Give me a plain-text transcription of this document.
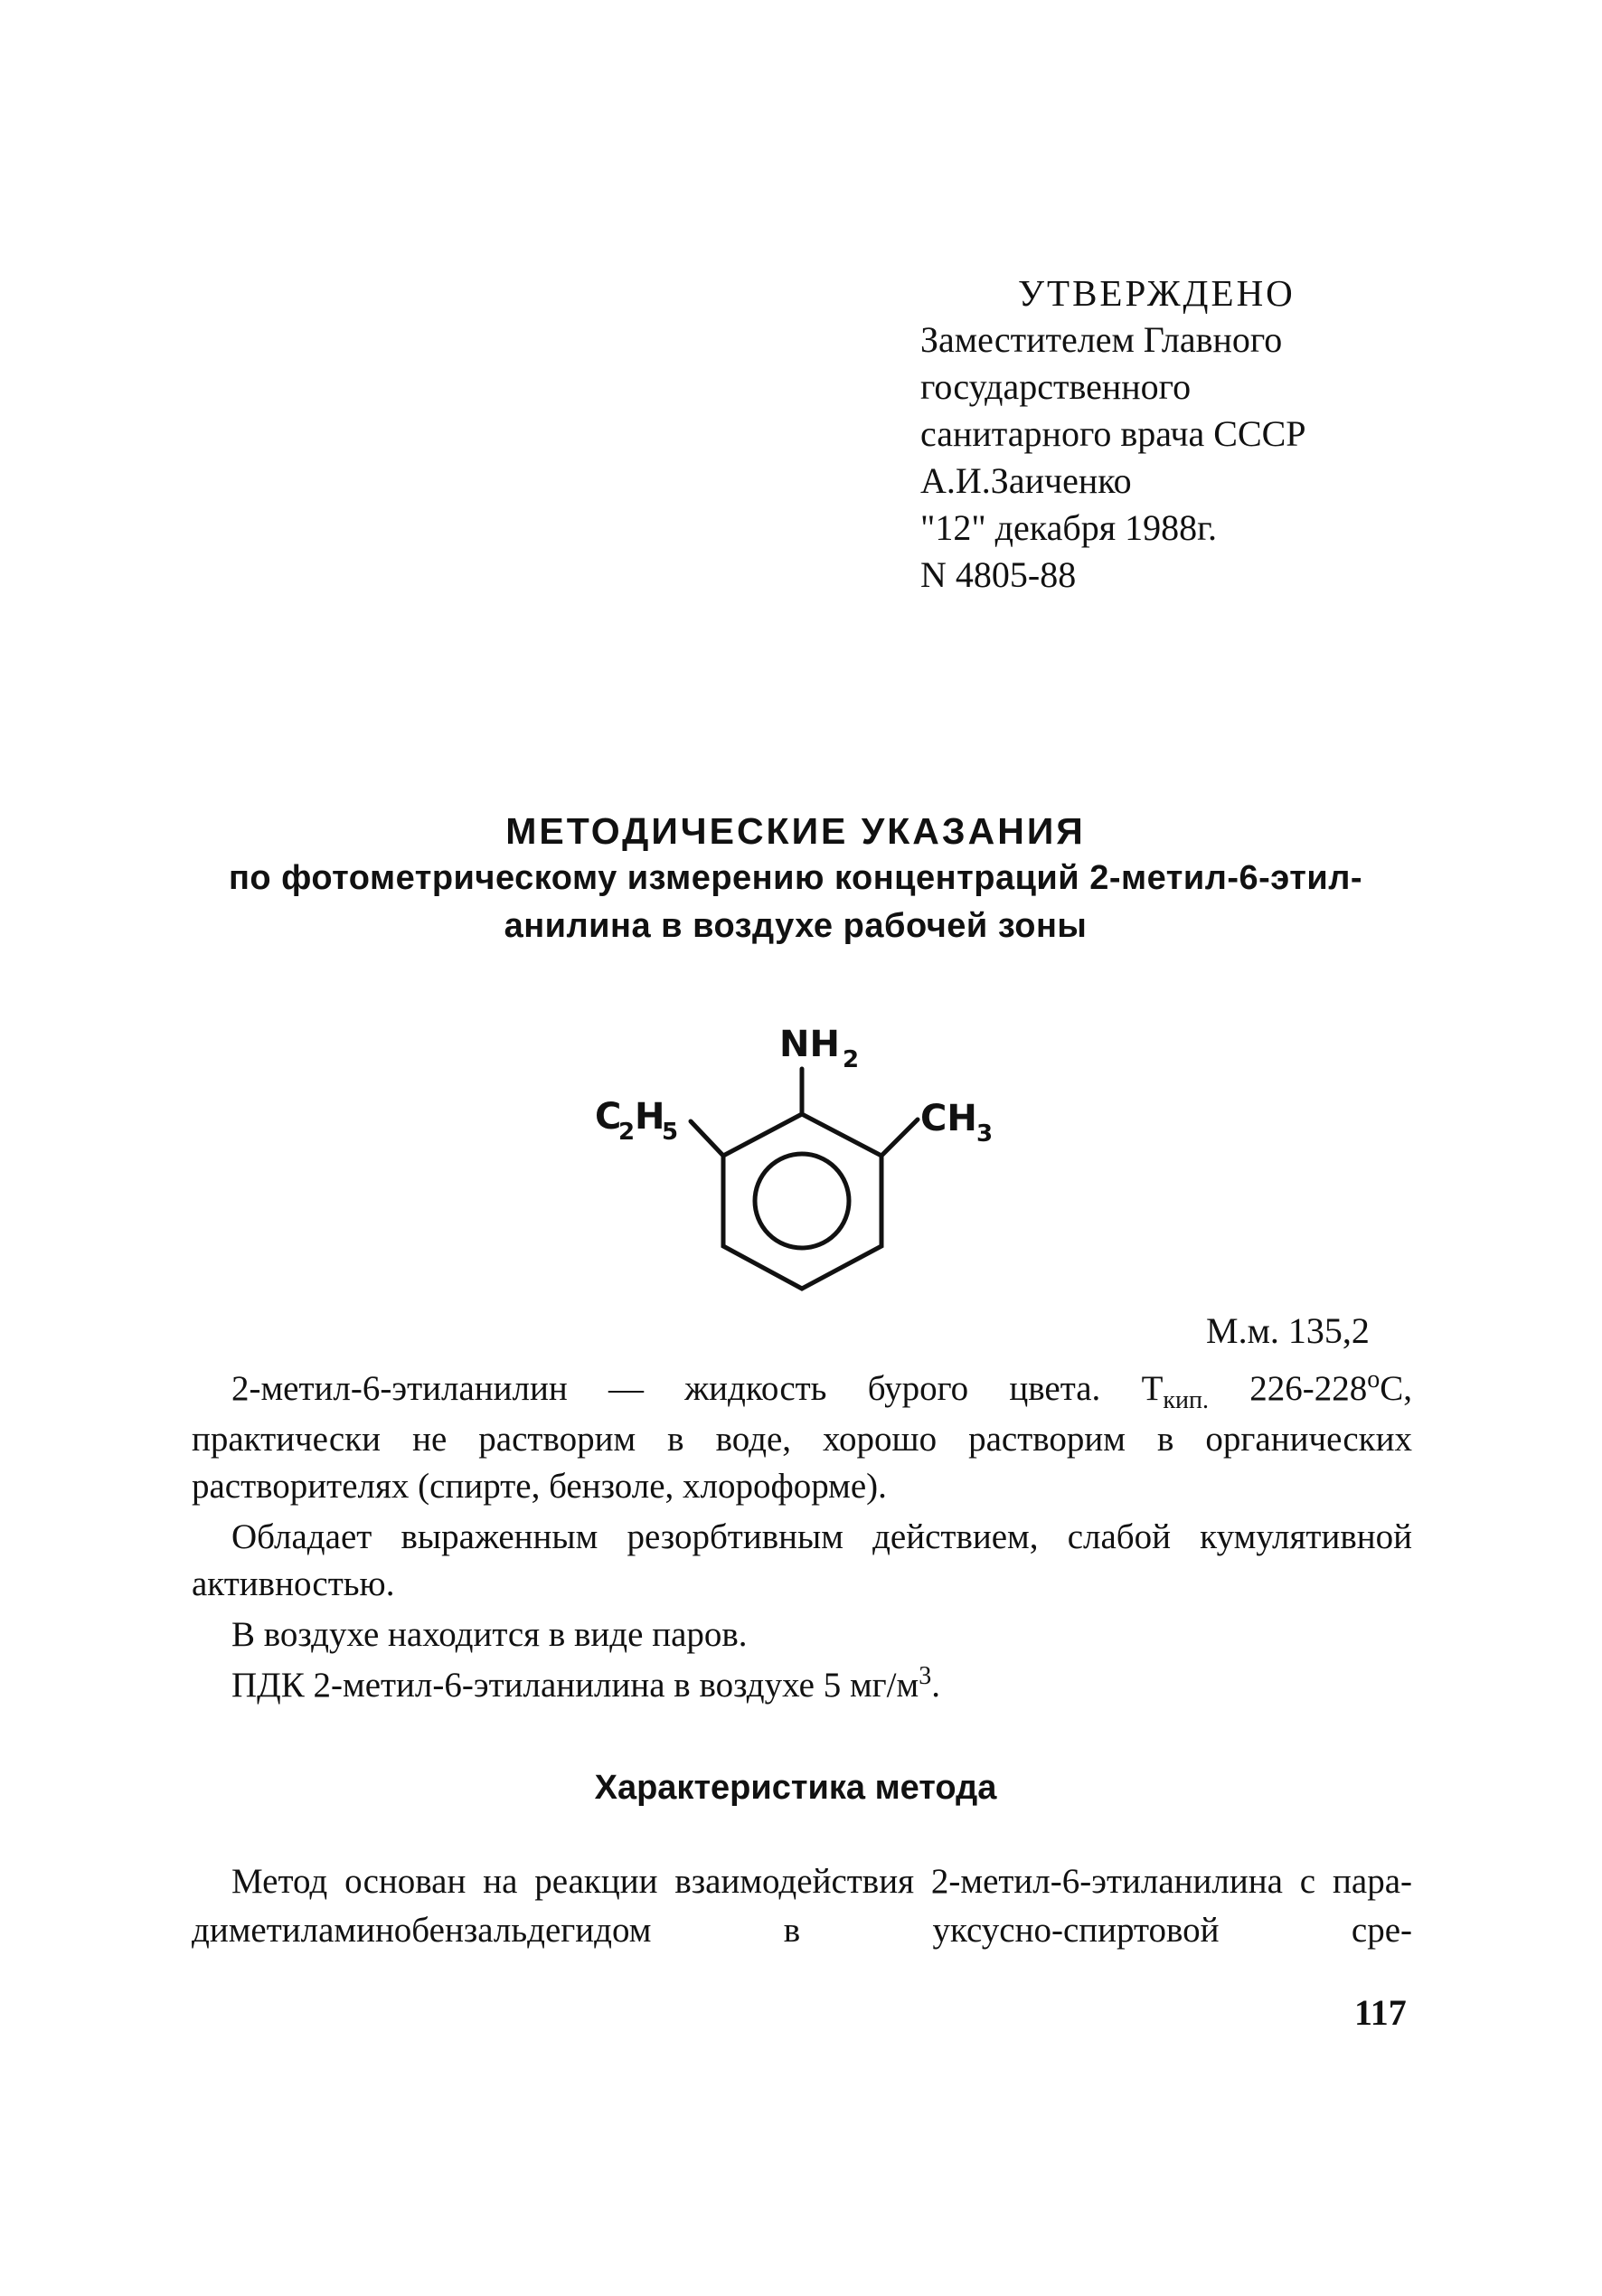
УТВЕРЖДЕНО
Заместителем Главного
государственного
санитарного врача СССР
А.И.Заиченко
"12" декабря 1988г.
N 4805-88
МЕТОДИЧЕСКИЕ УКАЗАНИЯ
по фотометрическому измерению концентраций 2-метил-6-этил-
анилина в воздухе рабочей зоны
NH 2
C
2 H
5	CH 3
М.м. 135,2

2-метил-6-этиланилин — жидкость бурого цвета. $Т_{кип.}$ $226-228^оС$, практически не растворим в воде, хорошо растворим в органических растворителях (спирте, бензоле, хлороформе).

Обладает выраженным резорбтивным действием, слабой кумулятивной активностью.

В воздухе находится в виде паров.

ПДК 2-метил-6-этиланилина в воздухе 5 $мг/м^3$.

Характеристика метода

Метод основан на реакции взаимодействия 2-метил-6-этиланилина с пара-диметиламинобензальдегидом в уксусно-спиртовой сре-

117
